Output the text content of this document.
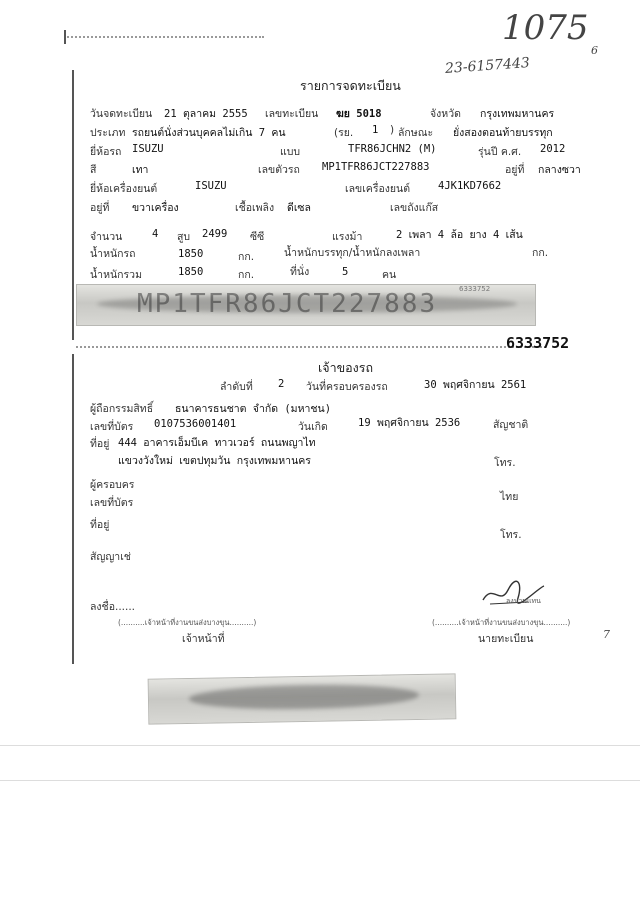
1075
23-6157443
6
7
รายการจดทะเบียน
วันจดทะเบียน 21 ตุลาคม 2555 เลขทะเบียน ฆย 5018	จังหวัด กรุงเทพมหานคร
ประเภท รถยนต์นั่งส่วนบุคคลไม่เกิน 7 คน	(รย. 1 ) ลักษณะ ยั่งสองตอนท้ายบรรทุก
ยี่ห้อรถ ISUZU	แบบ	TFR86JCHN2 (M)	รุ่นปี ค.ศ. 2012
สี	เทา	เลขตัวรถ MP1TFR86JCT227883	อยู่ที่ กลางซวา
ยี่ห้อเครื่องยนต์	ISUZU	เลขเครื่องยนต์	4JK1KD7662
อยู่ที่ ขวาเครื่อง	เชื้อเพลิง ดีเซล	เลขถังแก๊ส
จำนวน	4 สูบ 2499 ซีซี	แรงม้า	2 เพลา 4 ล้อ ยาง 4 เส้น
น้ำหนักรถ	1850	กก.	น้ำหนักบรรทุก/น้ำหนักลงเพลา	กก.
น้ำหนักรวม	1850	กก.	ที่นั่ง	5	คน
MP1TFR86JCT227883	6333752
6333752
เจ้าของรถ
ลำดับที่ 2 วันที่ครอบครองรถ	30 พฤศจิกายน 2561
ผู้ถือกรรมสิทธิ์ ธนาคารธนชาต จำกัด (มหาชน)
เลขที่บัตร 0107536001401	วันเกิด	19 พฤศจิกายน 2536	สัญชาติ
ที่อยู่ 444 อาคารเอ็มบีเค ทาวเวอร์ ถนนพญาไท
แขวงวังใหม่ เขตปทุมวัน กรุงเทพมหานคร	โทร.
ผู้ครอบคร
เลขที่บัตร	ไทย
ที่อยู่
โทร.
สัญญาเช่
ลงชื่อ......
(..........เจ้าหน้าที่งานขนส่งบางขุน..........)
เจ้าหน้าที่
ลงนามแทน
(..........เจ้าหน้าที่งานขนส่งบางขุน..........)
นายทะเบียน
